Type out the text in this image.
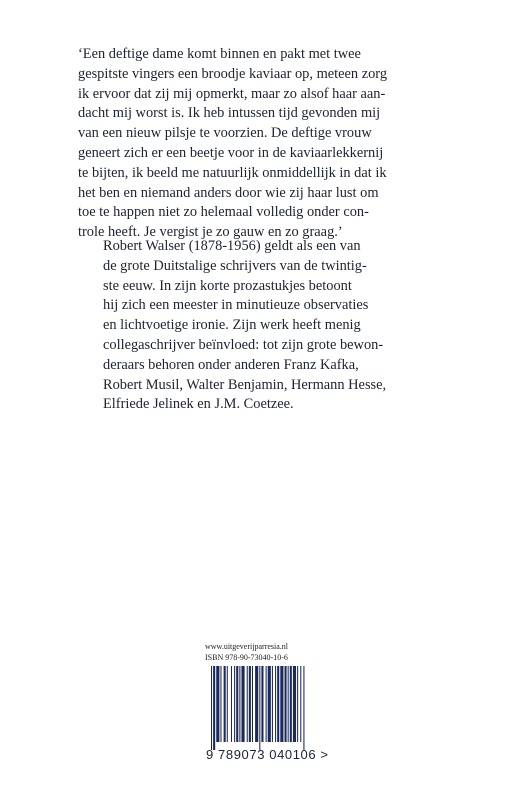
‘Een deftige dame komt binnen en pakt met twee
gespitste vingers een broodje kaviaar op, meteen zorg
ik ervoor dat zij mij opmerkt, maar zo alsof haar aan-
dacht mij worst is. Ik heb intussen tijd gevonden mij
van een nieuw pilsje te voorzien. De deftige vrouw
geneert zich er een beetje voor in de kaviaarlekkernij
te bijten, ik beeld me natuurlijk onmiddellijk in dat ik
het ben en niemand anders door wie zij haar lust om
toe te happen niet zo helemaal volledig onder con-
trole heeft. Je vergist je zo gauw en zo graag.’
Robert Walser (1878-1956) geldt als een van
de grote Duitstalige schrijvers van de twintig-
ste eeuw. In zijn korte prozastukjes betoont
hij zich een meester in minutieuze observaties
en lichtvoetige ironie. Zijn werk heeft menig
collegaschrijver beïnvloed: tot zijn grote bewon-
deraars behoren onder anderen Franz Kafka,
Robert Musil, Walter Benjamin, Hermann Hesse,
Elfriede Jelinek en J.M. Coetzee.
www.uitgeverijparresia.nl
ISBN 978-90-73040-10-6
9 789073 040106 >
